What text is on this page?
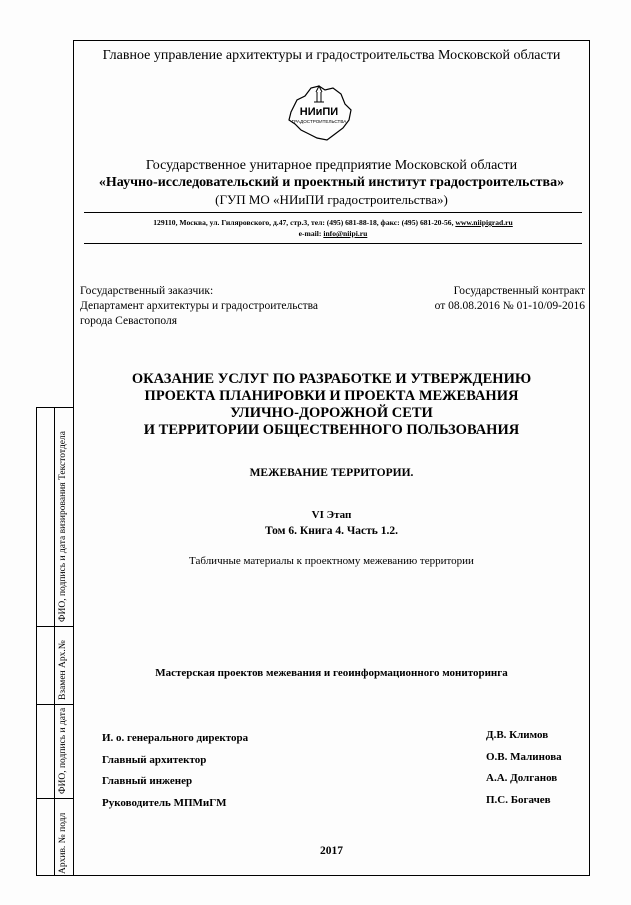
Главное управление архитектуры и градостроительства Московской области
НИиПИ
ГРАДОСТРОИТЕЛЬСТВА
Государственное унитарное предприятие Московской области
«Научно-исследовательский и проектный институт градостроительства»
(ГУП МО «НИиПИ градостроительства»)
129110, Москва, ул. Гиляровского, д.47, стр.3, тел: (495) 681-88-18, факс: (495) 681-20-56, www.niipigrad.ru
e-mail: info@niipi.ru
Государственный заказчик:
Департамент архитектуры и градостроительства
города Севастополя
Государственный контракт
от 08.08.2016 № 01-10/09-2016
ОКАЗАНИЕ УСЛУГ ПО РАЗРАБОТКЕ И УТВЕРЖДЕНИЮ
ПРОЕКТА ПЛАНИРОВКИ И ПРОЕКТА МЕЖЕВАНИЯ
УЛИЧНО-ДОРОЖНОЙ СЕТИ
И ТЕРРИТОРИИ ОБЩЕСТВЕННОГО ПОЛЬЗОВАНИЯ
МЕЖЕВАНИЕ ТЕРРИТОРИИ.
VI Этап
Том 6. Книга 4. Часть 1.2.
Табличные материалы к проектному межеванию территории
Мастерская проектов межевания и геоинформационного мониторинга
И. о. генерального директора	Д.В. Климов
Главный архитектор	О.В. Малинова
Главный инженер	А.А. Долганов
Руководитель МПМиГМ	П.С. Богачев
2017
ФИО, подпись и дата визирования Текстотдела
Взамен Арх.№
ФИО, подпись и дата
Архив. № подл
